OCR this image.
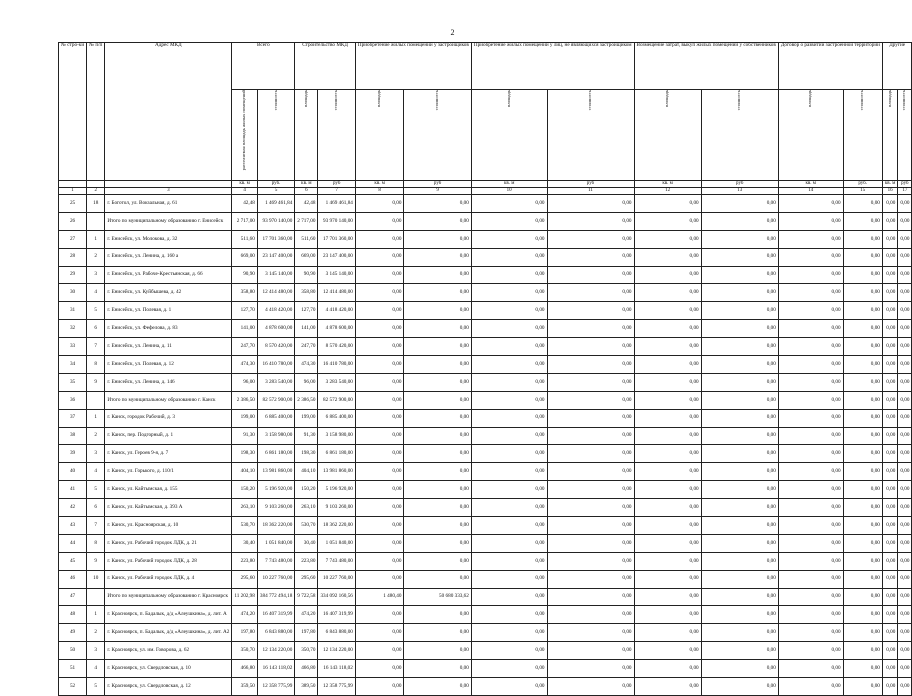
2
№ стро-ки	№ п/п	Адрес МКД	Всего		Строительство МКД		Приобретение жилых помещений у застройщиков		Приобретение жилых помещений у лиц, не являющихся застройщиком		Возмещение затрат, выкуп жилых помещений у собственников		Договор о развитии застроенной территории		Другие	
			расселяемая площадь жилых помещений	стоимость	площадь	стоимость	площадь	стоимость	площадь	стоимость	площадь	стоимость	площадь	стоимость	площадь	стоимость
			кв. м	руб.	кв. м	руб	кв. м	руб	кв. м	руб	кв. м	руб	кв. м	руб.	кв. м	руб
1	2	3	4	5	6	7	8	9	10	11	12	13	14	15	16	17
25	18	г. Боготол, ул. Вокзальная, д. 61	42,48	1 469 461,84	42,48	1 469 461,84	0,00	0,00	0,00	0,00	0,00	0,00	0,00	0,00	0,00	0,00
26		Итого по муниципальному образованию г. Енисейск	2 717,00	93 970 140,00	2 717,00	93 970 140,00	0,00	0,00	0,00	0,00	0,00	0,00	0,00	0,00	0,00	0,00
27	1	г. Енисейск, ул. Молокова, д. 32	511,60	17 701 360,00	511,60	17 701 360,00	0,00	0,00	0,00	0,00	0,00	0,00	0,00	0,00	0,00	0,00
28	2	г. Енисейск, ул. Ленина, д. 160 а	669,00	23 147 400,00	669,00	23 147 400,00	0,00	0,00	0,00	0,00	0,00	0,00	0,00	0,00	0,00	0,00
29	3	г. Енисейск, ул. Рабоче-Крестьянская, д. 66	90,90	3 145 140,00	90,90	3 145 140,00	0,00	0,00	0,00	0,00	0,00	0,00	0,00	0,00	0,00	0,00
30	4	г. Енисейск, ул. Куйбышева, д. 42	358,80	12 414 480,00	358,80	12 414 480,00	0,00	0,00	0,00	0,00	0,00	0,00	0,00	0,00	0,00	0,00
31	5	г. Енисейск, ул. Полевая, д. 1	127,70	4 418 420,00	127,70	4 418 420,00	0,00	0,00	0,00	0,00	0,00	0,00	0,00	0,00	0,00	0,00
32	6	г. Енисейск, ул. Фефелова, д. 83	141,00	4 878 600,00	141,00	4 878 600,00	0,00	0,00	0,00	0,00	0,00	0,00	0,00	0,00	0,00	0,00
33	7	г. Енисейск, ул. Ленина, д. 11	247,70	8 570 420,00	247,70	8 570 420,00	0,00	0,00	0,00	0,00	0,00	0,00	0,00	0,00	0,00	0,00
34	8	г. Енисейск, ул. Полевая, д. 12	474,30	16 410 780,00	474,30	16 410 780,00	0,00	0,00	0,00	0,00	0,00	0,00	0,00	0,00	0,00	0,00
35	9	г. Енисейск, ул. Ленина, д. 146	96,00	3 283 540,00	96,00	3 283 540,00	0,00	0,00	0,00	0,00	0,00	0,00	0,00	0,00	0,00	0,00
36		Итого по муниципальному образованию г. Канск	2 386,50	82 572 900,00	2 386,50	82 572 900,00	0,00	0,00	0,00	0,00	0,00	0,00	0,00	0,00	0,00	0,00
37	1	г. Канск, городок Рабочий, д. 3	199,00	6 885 400,00	199,00	6 885 400,00	0,00	0,00	0,00	0,00	0,00	0,00	0,00	0,00	0,00	0,00
38	2	г. Канск, пер. Подгорный, д. 1	91,30	3 158 980,00	91,30	3 158 980,00	0,00	0,00	0,00	0,00	0,00	0,00	0,00	0,00	0,00	0,00
39	3	г. Канск, ул. Героев 9-я, д. 7	198,30	6 861 180,00	198,30	6 861 180,00	0,00	0,00	0,00	0,00	0,00	0,00	0,00	0,00	0,00	0,00
40	4	г. Канск, ул. Горького, д. 110/1	404,10	13 981 860,00	404,10	13 981 860,00	0,00	0,00	0,00	0,00	0,00	0,00	0,00	0,00	0,00	0,00
41	5	г. Канск, ул. Кайтымская, д. 155	150,20	5 196 920,00	150,20	5 196 920,00	0,00	0,00	0,00	0,00	0,00	0,00	0,00	0,00	0,00	0,00
42	6	г. Канск, ул. Кайтымская, д. 393 А	263,10	9 103 260,00	263,10	9 103 260,00	0,00	0,00	0,00	0,00	0,00	0,00	0,00	0,00	0,00	0,00
43	7	г. Канск, ул. Красноярская, д. 10	530,70	18 362 220,00	530,70	18 362 220,00	0,00	0,00	0,00	0,00	0,00	0,00	0,00	0,00	0,00	0,00
44	8	г. Канск, ул. Рабочий городок ЛДК, д. 21	30,40	1 051 840,00	30,40	1 051 840,00	0,00	0,00	0,00	0,00	0,00	0,00	0,00	0,00	0,00	0,00
45	9	г. Канск, ул. Рабочий городок ЛДК, д. 28	223,80	7 743 480,00	223,80	7 743 480,00	0,00	0,00	0,00	0,00	0,00	0,00	0,00	0,00	0,00	0,00
46	10	г. Канск, ул. Рабочий городок ЛДК, д. 4	295,60	10 227 760,00	295,60	10 227 760,00	0,00	0,00	0,00	0,00	0,00	0,00	0,00	0,00	0,00	0,00
47		Итого по муниципальному образованию г. Красноярск	11 202,98	384 772 494,18	9 722,58	334 092 160,56	1 480,40	50 680 333,62	0,00	0,00	0,00	0,00	0,00	0,00	0,00	0,00
48	1	г. Красноярск, п. Бадалык, д/д «Алеушкина», д. лит. А	474,20	16 407 319,99	474,20	16 407 319,99	0,00	0,00	0,00	0,00	0,00	0,00	0,00	0,00	0,00	0,00
49	2	г. Красноярск, п. Бадалык, д/д «Алеушкина», д. лит. А2	197,80	6 843 880,00	197,80	6 843 880,00	0,00	0,00	0,00	0,00	0,00	0,00	0,00	0,00	0,00	0,00
50	3	г. Красноярск, ул. им. Говорова, д. 62	350,70	12 134 220,00	350,70	12 134 220,00	0,00	0,00	0,00	0,00	0,00	0,00	0,00	0,00	0,00	0,00
51	4	г. Красноярск, ул. Свердловская, д. 10	466,80	16 143 118,02	466,80	16 143 118,02	0,00	0,00	0,00	0,00	0,00	0,00	0,00	0,00	0,00	0,00
52	5	г. Красноярск, ул. Свердловская, д. 12	359,50	12 358 775,99	389,50	12 358 775,99	0,00	0,00	0,00	0,00	0,00	0,00	0,00	0,00	0,00	0,00
